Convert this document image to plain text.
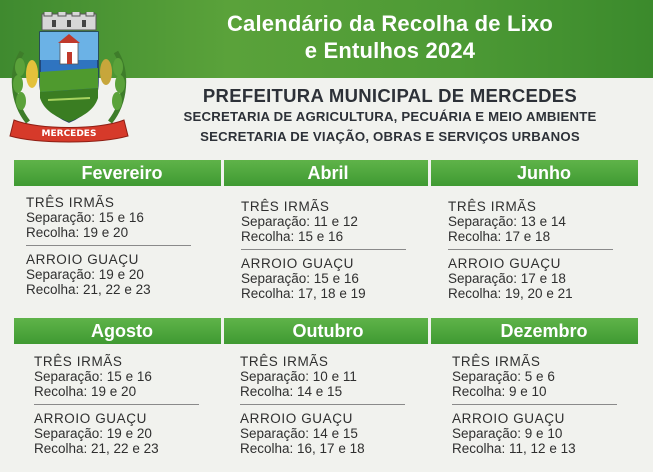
Calendário da Recolha de Lixo
e Entulhos 2024
MERCEDES
PREFEITURA MUNICIPAL DE MERCEDES
SECRETARIA DE AGRICULTURA, PECUÁRIA E MEIO AMBIENTE
SECRETARIA DE VIAÇÃO, OBRAS E SERVIÇOS URBANOS
Fevereiro	Abril	Junho
Agosto	Outubro	Dezembro
TRÊS IRMÃS
Separação: 15 e 16
Recolha: 19 e 20
ARROIO GUAÇU
Separação: 19 e 20
Recolha: 21, 22 e 23
TRÊS IRMÃS
Separação: 11 e 12
Recolha: 15 e 16
ARROIO GUAÇU
Separação: 15 e 16
Recolha: 17, 18 e 19
TRÊS IRMÃS
Separação: 13 e 14
Recolha: 17 e 18
ARROIO GUAÇU
Separação: 17 e 18
Recolha: 19, 20 e 21
TRÊS IRMÃS
Separação: 15 e 16
Recolha: 19 e 20
ARROIO GUAÇU
Separação: 19 e 20
Recolha: 21, 22 e 23
TRÊS IRMÃS
Separação: 10 e 11
Recolha: 14 e 15
ARROIO GUAÇU
Separação: 14 e 15
Recolha: 16, 17 e 18
TRÊS IRMÃS
Separação: 5 e 6
Recolha: 9 e 10
ARROIO GUAÇU
Separação: 9 e 10
Recolha: 11, 12 e 13
